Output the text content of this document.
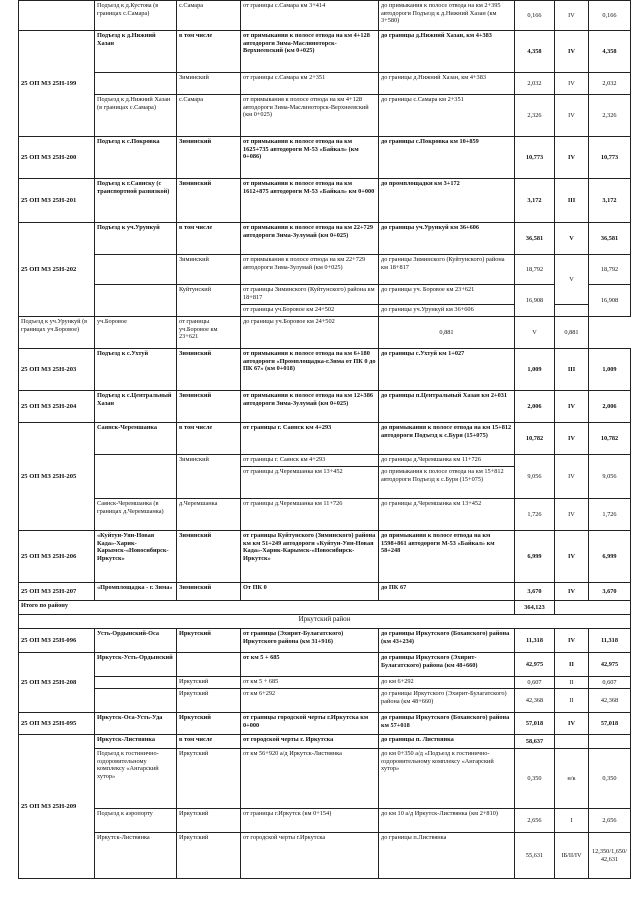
	Подъезд к д.Кустова (в границах с.Самара)	с.Самара	от границы с.Самара км 3+414	до примыкания к полосе отвода на км 2+395 автодороги Подъезд к д.Нижний Хазан (км 3+580)	0,166	IV	0,166
25 ОП МЗ 25Н-199	Подъезд к д.Нижний Хазан	в том числе	от примыкания к полосе отвода на км 4+128 автодороги Зима-Маслиноторск-Верхнеевский (км 0+025)	до границы д.Нижний Хазан, км 4+383	4,358	IV	4,358
		Зиминский	от границы с.Самара км 2+351	до границы д.Нижний Хазан, км 4+383	2,032	IV	2,032
	Подъезд к д.Нижний Хазан (в границах с.Самара)	с.Самара	от примыкания к полосе отвода на км 4+128 автодороги Зима-Маслиноторск-Верхнеевский (км 0+025)	до границы с.Самара км 2+351	2,326	IV	2,326
25 ОП МЗ 25Н-200	Подъезд к с.Покровка	Зиминский	от примыкания к полосе отвода на км 1625+735 автодороги М-53 «Байкал» (км 0+086)	до границы с.Покровка км 10+859	10,773	IV	10,773
25 ОП МЗ 25Н-201	Подъезд к г.Саянску (с транспортной развязкой)	Зиминский	от примыкания к полосе отвода на км 1612+875 автодороги М-53 «Байкал» км 0+000	до промплощадки км 3+172	3,172	III	3,172
25 ОП МЗ 25Н-202	Подъезд к уч.Урункуй	в том числе	от примыкания к полосе отвода на км 22+729 автодороги Зима-Зулумай (км 0+025)	до границы уч.Урункуй км 36+606	36,581	V	36,581
		Зиминский	от примыкания к полосе отвода на км 22+729 автодороги Зима-Зулумай (км 0+025)	до границы Зиминского (Куйтунского) района км 18+817	18,792	V	18,792
		Куйтунский	от границы Зиминского (Куйтунского) района км 18+817	до границы уч. Боровое км 23+621	16,908		16,908
			от границы уч.Боровое км 24+502	до границы уч.Урункуй км 36+606			
Подъезд к уч.Урункуй (в границах уч.Боровое)	уч.Боровое	от границы уч.Боровое км 23+621	до границы уч.Боровое км 24+502	0,881	V	0,881	
25 ОП МЗ 25Н-203	Подъезд к с.Ухтуй	Зиминский	от примыкания к полосе отвода на км 6+180 автодороги «Промплощадка-г.Зима от ПК 0 до ПК 67» (км 0+018)	до границы с.Ухтуй км 1+027	1,009	III	1,009
25 ОП МЗ 25Н-204	Подъезд к с.Центральный Хазан	Зиминский	от примыкания к полосе отвода на км 12+386 автодороги Зима-Зулумай (км 0+025)	до границы п.Центральный Хазан км 2+031	2,006	IV	2,006
25 ОП МЗ 25Н-205	Саянск-Черемшанка	в том числе	от границы г. Саянск км 4+293	до примыкания к полосе отвода на км 15+812 автодороги Подъезд к с.Буря (15+075)	10,782	IV	10,782
		Зиминский	от границы г. Саянск км 4+293	до границы д.Черемшанка км 11+726	9,056	IV	9,056
			от границы д.Черемшанка км 13+452	до примыкания к полосе отвода на км 15+812 автодороги Подъезд к с.Буря (15+075)			
	Саянск-Черемшанка (в границах д.Черемшанка)	д.Черемшанка	от границы д.Черемшанка км 11+726	до границы д.Черемшанка км 13+452	1,726	IV	1,726
25 ОП МЗ 25Н-206	«Куйтун-Уян-Новая Када»-Харик-Карымск-«Новосибирск-Иркутск»	Зиминский	от границы Куйтунского (Зиминского) района км км 51+249 автодороги «Куйтун-Уян-Новая Када»-Харик-Карымск-«Новосибирск-Иркутск»	до примыкания к полосе отвода на км 1598+861 автодороги М-53 «Байкал» км 58+248	6,999	IV	6,999
25 ОП МЗ 25Н-207	«Промплощадка - г. Зима»	Зиминский	От ПК 0	до ПК 67	3,670	IV	3,670
Итого по району					364,123		
Иркутский район							
25 ОП МЗ 25Н-096	Усть-Ордынский-Оса	Иркутский	от границы (Эхирит-Булагатского) Иркутского района (км 31+916)	до границы Иркутского (Боханского) района (км 43+234)	11,318	IV	11,318
25 ОП МЗ 25Н-208	Иркутск-Усть-Ордынский		от км 5 + 685	до границы Иркутского (Эхирит-Булагатского) района (км 48+660)	42,975	II	42,975
		Иркутский	от км 5 + 685	до км 6+292	0,607	II	0,607
		Иркутский	от км 6+292	до границы Иркутского (Эхирит-Булагатского) района (км 48+660)	42,368	II	42,368
25 ОП МЗ 25Н-095	Иркутск-Оса-Усть-Уда	Иркутский	от границы городской черты г.Иркутска км 0+000	до границы Иркутского (Боханского) района км 57+018	57,018	IV	57,018
25 ОП МЗ 25Н-209	Иркутск-Листвянка	в том числе	от городской черты г. Иркутска	до границы п. Листвянка	58,637		
	Подъезд к гостинично-оздоровительному комплексу «Ангарский хутор»	Иркутский	от км 56+920 а/д Иркутск-Листвянка	до км 0+350 а/д «Подъезд к гостинично-оздоровительному комплексу «Ангарский хутор»	0,350	н/к	0,350
	Подъезд к аэропорту	Иркутский	от границы г.Иркутск (км 0+154)	до км 10 а/д Иркутск-Листвянка (км 2+810)	2,656	I	2,656
	Иркутск-Листвянка	Иркутский	от городской черты г.Иркутска	до границы п.Листвянка	55,631	IБ/II/IV	12,350/1,650/42,631
